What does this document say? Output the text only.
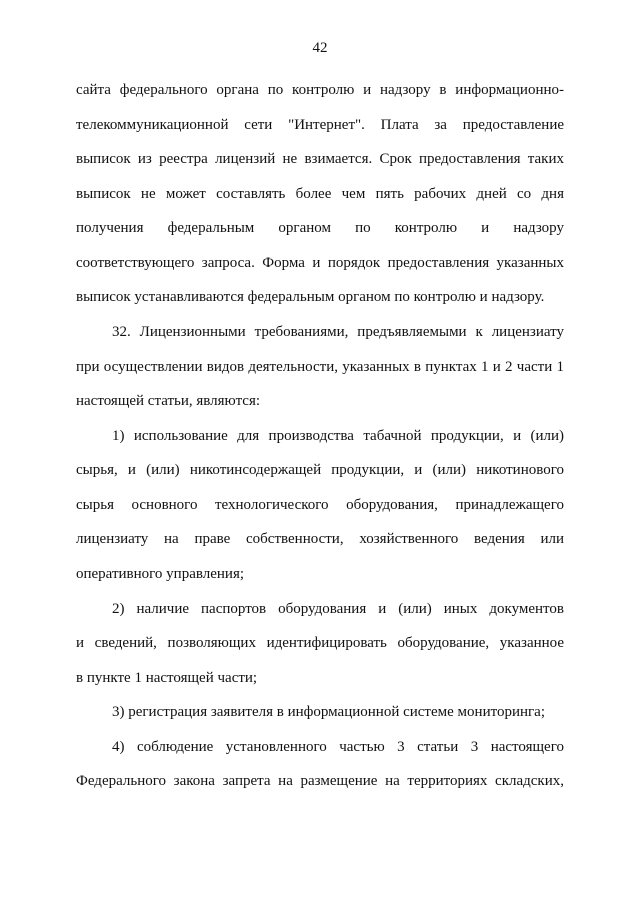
42
сайта федерального органа по контролю и надзору в информационно-
телекоммуникационной сети "Интернет". Плата за предоставление
выписок из реестра лицензий не взимается. Срок предоставления таких
выписок не может составлять более чем пять рабочих дней со дня
получения федеральным органом по контролю и надзору
соответствующего запроса. Форма и порядок предоставления указанных
выписок устанавливаются федеральным органом по контролю и надзору.
32. Лицензионными требованиями, предъявляемыми к лицензиату
при осуществлении видов деятельности, указанных в пунктах 1 и 2 части 1
настоящей статьи, являются:
1) использование для производства табачной продукции, и (или)
сырья, и (или) никотинсодержащей продукции, и (или) никотинового
сырья основного технологического оборудования, принадлежащего
лицензиату на праве собственности, хозяйственного ведения или
оперативного управления;
2) наличие паспортов оборудования и (или) иных документов
и сведений, позволяющих идентифицировать оборудование, указанное
в пункте 1 настоящей части;
3) регистрация заявителя в информационной системе мониторинга;
4) соблюдение установленного частью 3 статьи 3 настоящего
Федерального закона запрета на размещение на территориях складских,
